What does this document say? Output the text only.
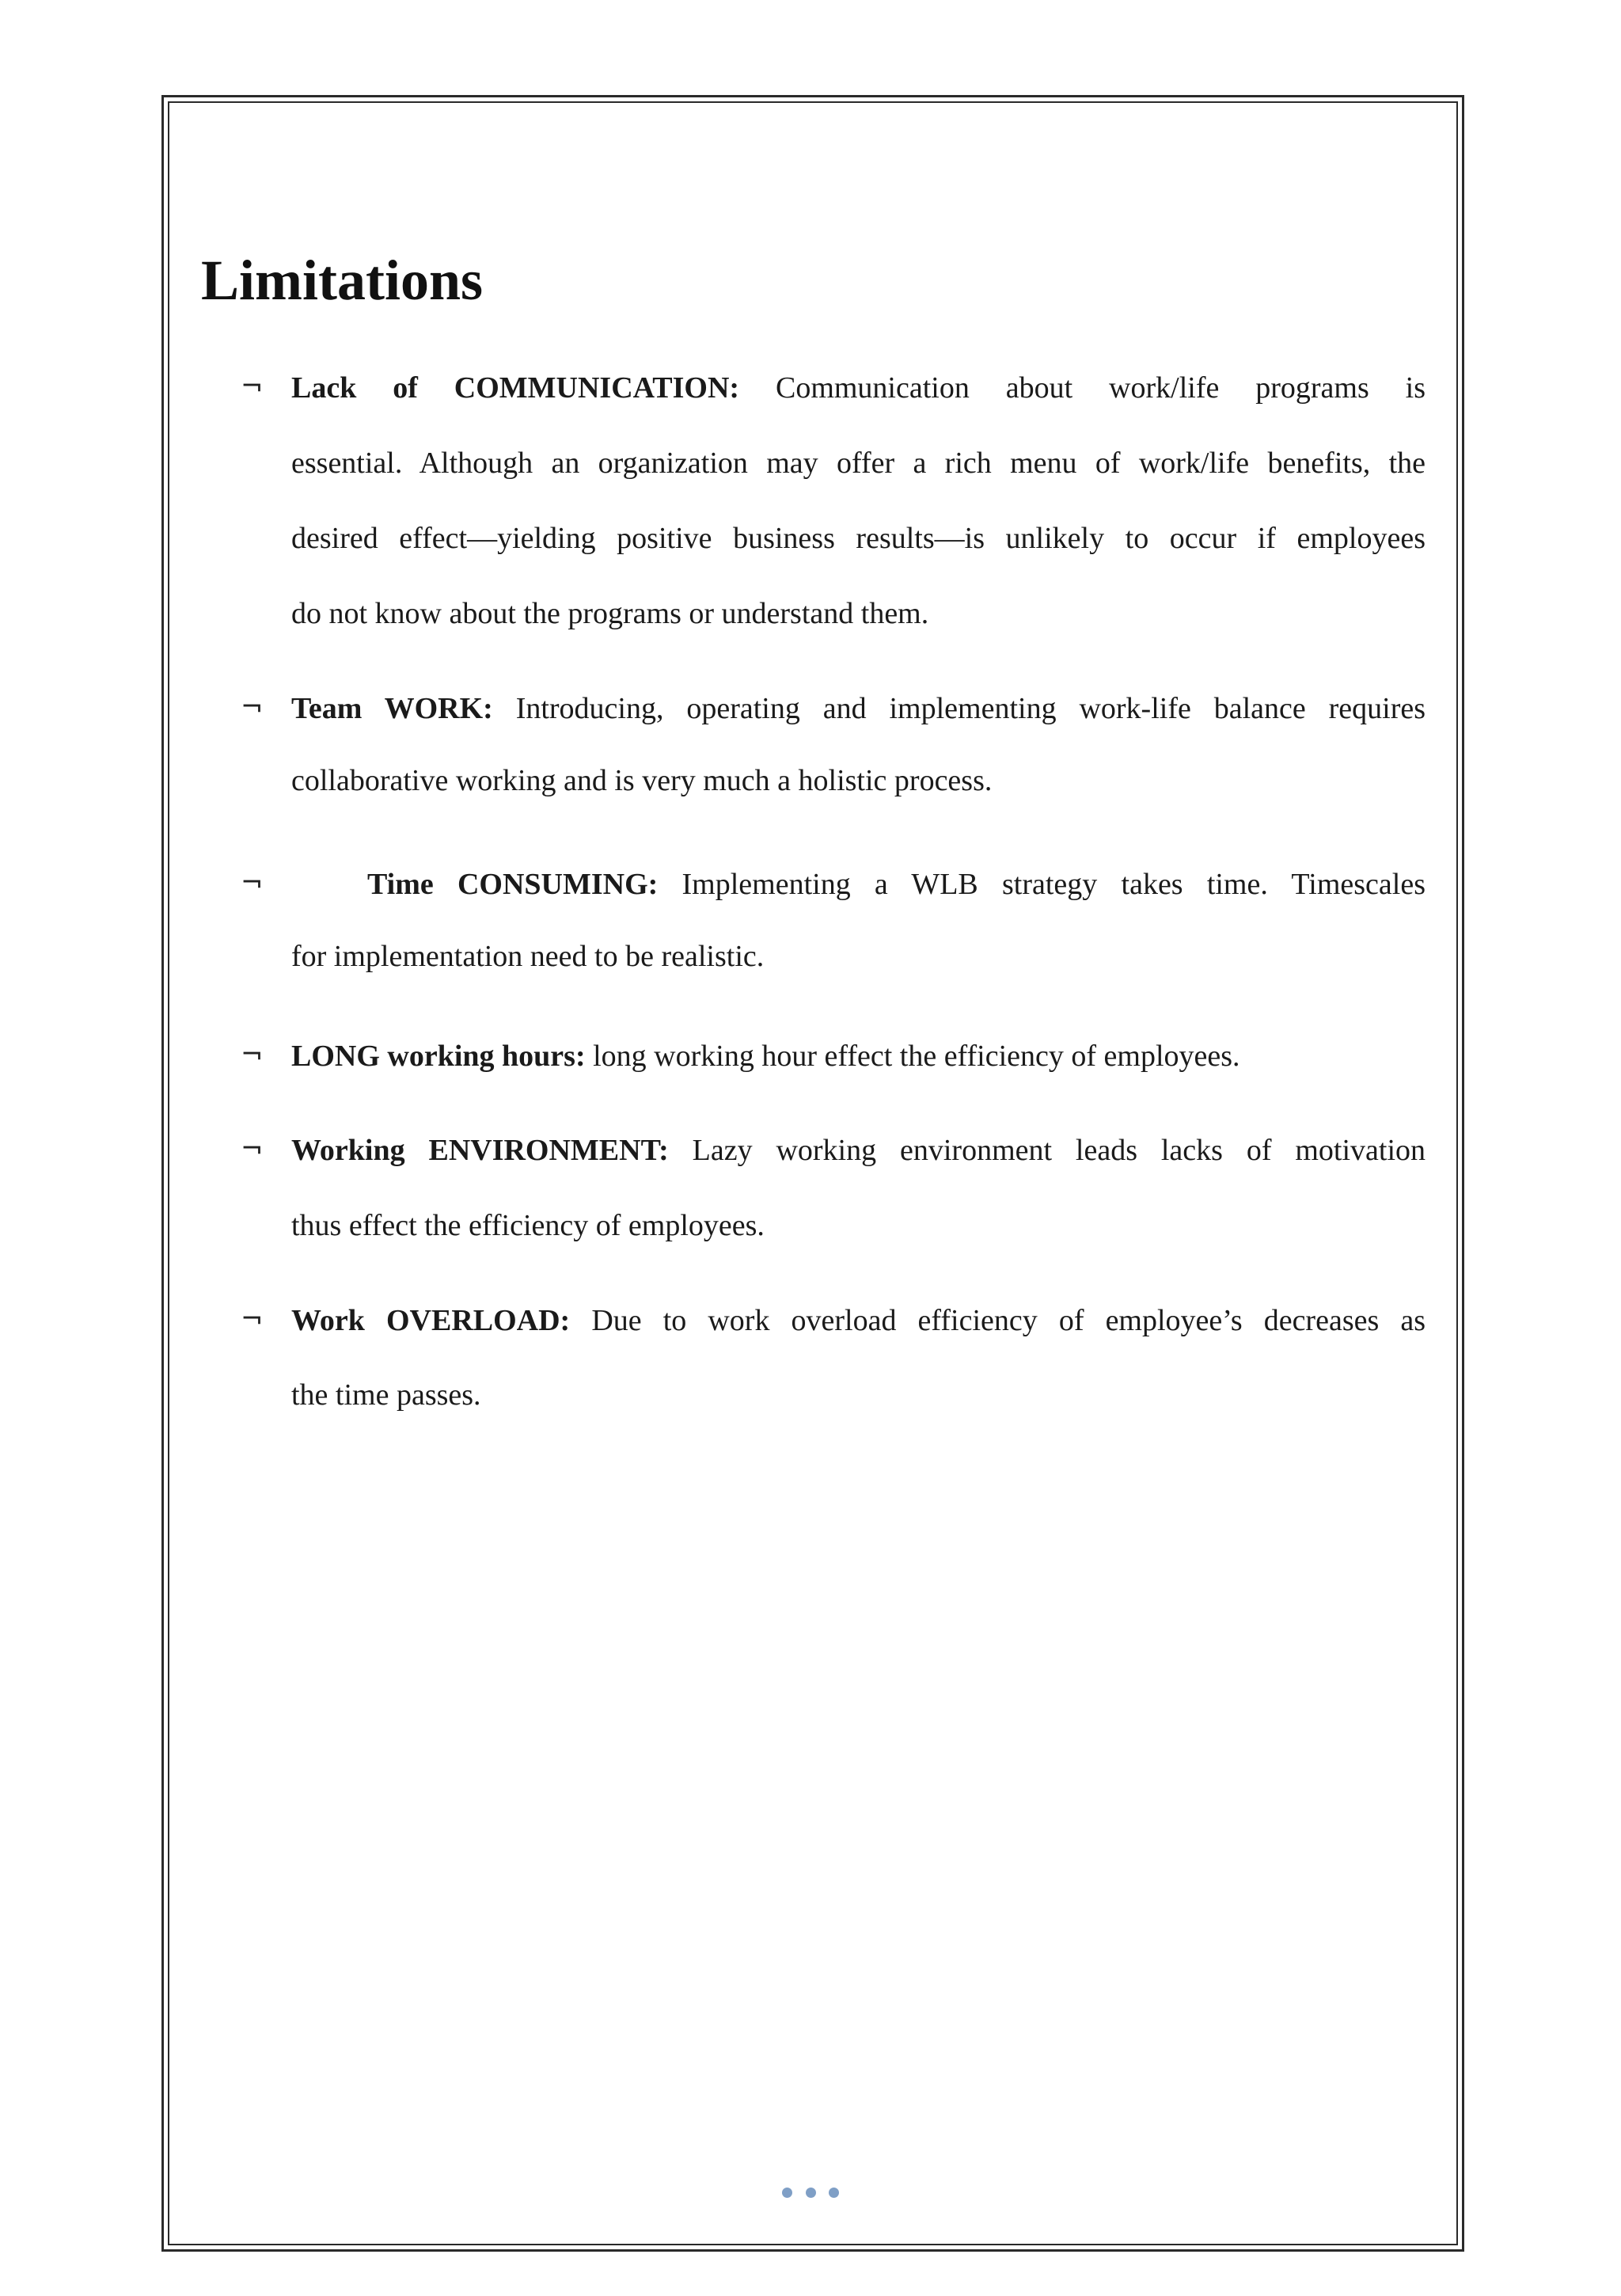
Limitations
¬ Lack of COMMUNICATION: Communication about work/life programs is
essential. Although an organization may offer a rich menu of work/life benefits, the
desired effect—yielding positive business results—is unlikely to occur if employees
do not know about the programs or understand them.
¬ Team WORK: Introducing, operating and implementing work-life balance requires
collaborative working and is very much a holistic process.
¬	Time CONSUMING: Implementing a WLB strategy takes time. Timescales
for implementation need to be realistic.
¬ LONG working hours: long working hour effect the efficiency of employees.
¬ Working ENVIRONMENT: Lazy working environment leads lacks of motivation
thus effect the efficiency of employees.
¬ Work OVERLOAD: Due to work overload efficiency of employee’s decreases as
the time passes.
